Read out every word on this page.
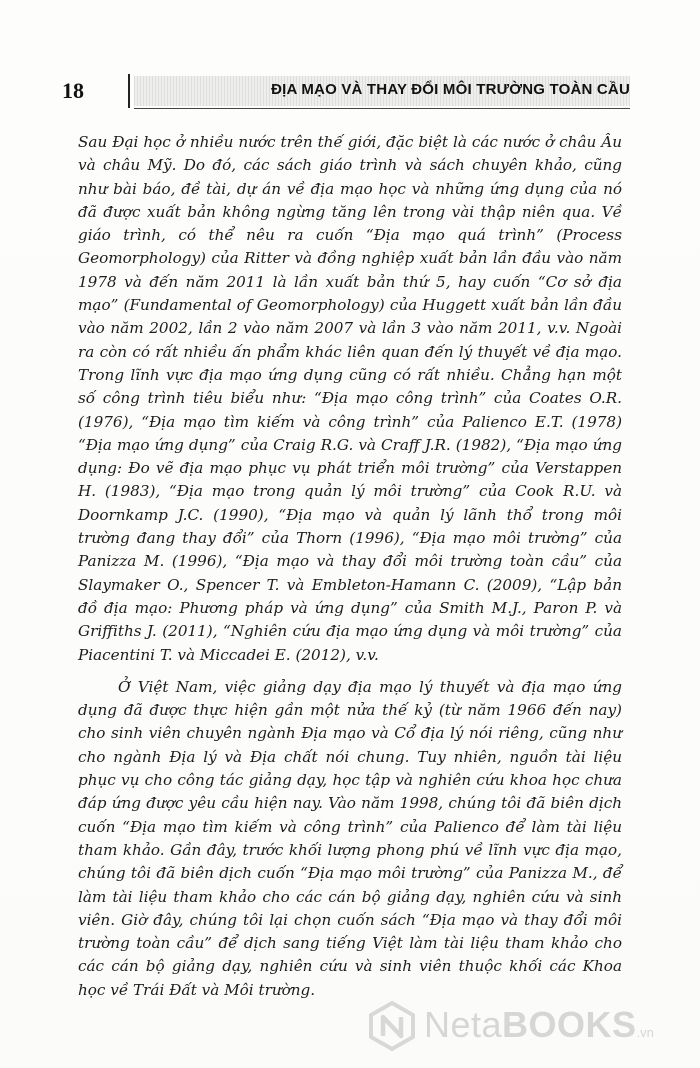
18	ĐỊA MẠO VÀ THAY ĐỔI MÔI TRƯỜNG TOÀN CẦU

Sau Đại học ở nhiều nước trên thế giới, đặc biệt là các nước ở châu Âu và châu Mỹ. Do đó, các sách giáo trình và sách chuyên khảo, cũng như bài báo, đề tài, dự án về địa mạo học và những ứng dụng của nó đã được xuất bản không ngừng tăng lên trong vài thập niên qua. Về giáo trình, có thể nêu ra cuốn “Địa mạo quá trình” (Process Geomorphology) của Ritter và đồng nghiệp xuất bản lần đầu vào năm 1978 và đến năm 2011 là lần xuất bản thứ 5, hay cuốn “Cơ sở địa mạo” (Fundamental of Geomorphology) của Huggett xuất bản lần đầu vào năm 2002, lần 2 vào năm 2007 và lần 3 vào năm 2011, v.v. Ngoài ra còn có rất nhiều ấn phẩm khác liên quan đến lý thuyết về địa mạo. Trong lĩnh vực địa mạo ứng dụng cũng có rất nhiều. Chẳng hạn một số công trình tiêu biểu như: “Địa mạo công trình” của Coates O.R. (1976), “Địa mạo tìm kiếm và công trình” của Palienco E.T. (1978) “Địa mạo ứng dụng” của Craig R.G. và Craff J.R. (1982), “Địa mạo ứng dụng: Đo vẽ địa mạo phục vụ phát triển môi trường” của Verstappen H. (1983), “Địa mạo trong quản lý môi trường” của Cook R.U. và Doornkamp J.C. (1990), “Địa mạo và quản lý lãnh thổ trong môi trường đang thay đổi” của Thorn (1996), “Địa mạo môi trường” của Panizza M. (1996), “Địa mạo và thay đổi môi trường toàn cầu” của Slaymaker O., Spencer T. và Embleton-Hamann C. (2009), “Lập bản đồ địa mạo: Phương pháp và ứng dụng” của Smith M.J., Paron P. và Griffiths J. (2011), “Nghiên cứu địa mạo ứng dụng và môi trường” của Piacentini T. và Miccadei E. (2012), v.v.

Ở Việt Nam, việc giảng dạy địa mạo lý thuyết và địa mạo ứng dụng đã được thực hiện gần một nửa thế kỷ (từ năm 1966 đến nay) cho sinh viên chuyên ngành Địa mạo và Cổ địa lý nói riêng, cũng như cho ngành Địa lý và Địa chất nói chung. Tuy nhiên, nguồn tài liệu phục vụ cho công tác giảng dạy, học tập và nghiên cứu khoa học chưa đáp ứng được yêu cầu hiện nay. Vào năm 1998, chúng tôi đã biên dịch cuốn “Địa mạo tìm kiếm và công trình” của Palienco để làm tài liệu tham khảo. Gần đây, trước khối lượng phong phú về lĩnh vực địa mạo, chúng tôi đã biên dịch cuốn “Địa mạo môi trường” của Panizza M., để làm tài liệu tham khảo cho các cán bộ giảng dạy, nghiên cứu và sinh viên. Giờ đây, chúng tôi lại chọn cuốn sách “Địa mạo và thay đổi môi trường toàn cầu” để dịch sang tiếng Việt làm tài liệu tham khảo cho các cán bộ giảng dạy, nghiên cứu và sinh viên thuộc khối các Khoa học về Trái Đất và Môi trường.

NetaBOOKS.vn
